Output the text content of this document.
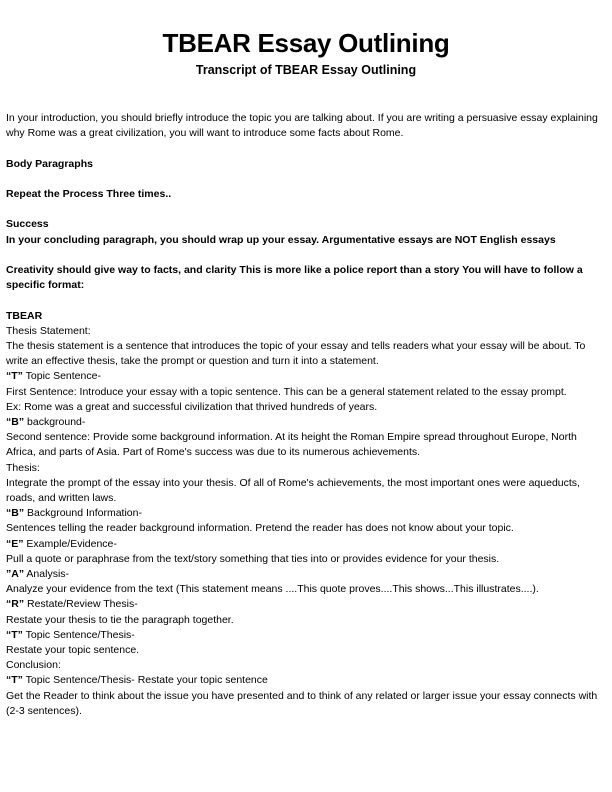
TBEAR Essay Outlining
Transcript of TBEAR Essay Outlining

In your introduction, you should briefly introduce the topic you are talking about. If you are writing a persuasive essay explaining why Rome was a great civilization, you will want to introduce some facts about Rome.

Body Paragraphs

Repeat the Process Three times..

Success

In your concluding paragraph, you should wrap up your essay. Argumentative essays are NOT English essays

Creativity should give way to facts, and clarity This is more like a police report than a story You will have to follow a specific format:

TBEAR

Thesis Statement:

The thesis statement is a sentence that introduces the topic of your essay and tells readers what your essay will be about. To write an effective thesis, take the prompt or question and turn it into a statement.

“T” Topic Sentence-

First Sentence: Introduce your essay with a topic sentence. This can be a general statement related to the essay prompt.

Ex: Rome was a great and successful civilization that thrived hundreds of years.

“B” background-

Second sentence: Provide some background information. At its height the Roman Empire spread throughout Europe, North Africa, and parts of Asia. Part of Rome's success was due to its numerous achievements.

Thesis:

Integrate the prompt of the essay into your thesis. Of all of Rome's achievements, the most important ones were aqueducts, roads, and written laws.

“B” Background Information-

Sentences telling the reader background information. Pretend the reader has does not know about your topic.

“E” Example/Evidence-

Pull a quote or paraphrase from the text/story something that ties into or provides evidence for your thesis.

”A” Analysis-

Analyze your evidence from the text (This statement means ....This quote proves....This shows...This illustrates....).

“R” Restate/Review Thesis-

Restate your thesis to tie the paragraph together.

“T” Topic Sentence/Thesis-

Restate your topic sentence.

Conclusion:

“T” Topic Sentence/Thesis- Restate your topic sentence

Get the Reader to think about the issue you have presented and to think of any related or larger issue your essay connects with (2-3 sentences).
